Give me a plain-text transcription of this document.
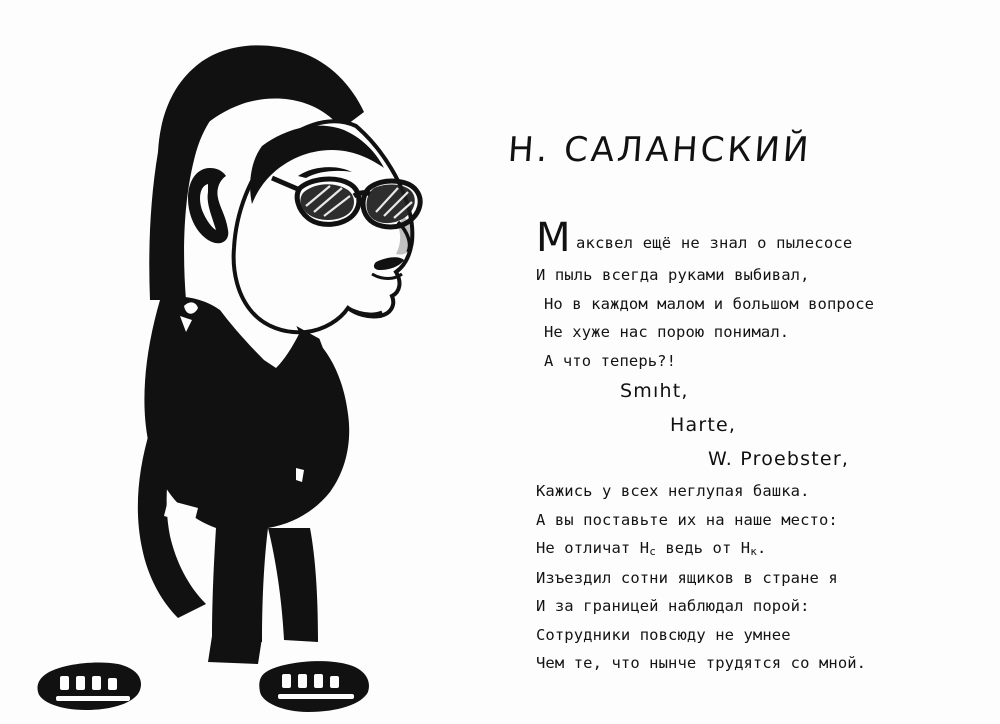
Н. САЛАНСКИЙ
М аксвел ещё не знал о пылесосе

И пыль всегда руками выбивал,

Но в каждом малом и большом вопросе

Не хуже нас порою понимал.

А что теперь?!

Smıht,

Harte,

W. Proebster,

Кажись у всех неглупая башка.

А вы поставьте их на наше место:

Не отличат Нс ведь от Нк.

Изъездил сотни ящиков в стране я

И за границей наблюдал порой:

Сотрудники повсюду не умнее

Чем те, что нынче трудятся со мной.
